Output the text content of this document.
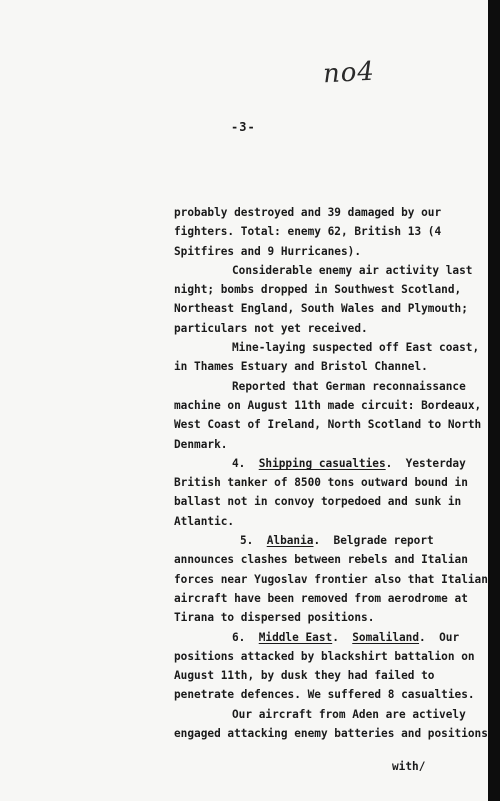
no4
-3-
probably destroyed and 39 damaged by our
fighters. Total: enemy 62, British 13 (4
Spitfires and 9 Hurricanes).
Considerable enemy air activity last
night; bombs dropped in Southwest Scotland,
Northeast England, South Wales and Plymouth;
particulars not yet received.
Mine-laying suspected off East coast,
in Thames Estuary and Bristol Channel.
Reported that German reconnaissance
machine on August 11th made circuit: Bordeaux,
West Coast of Ireland, North Scotland to North
Denmark.
4. Shipping casualties.  Yesterday
British tanker of 8500 tons outward bound in
ballast not in convoy torpedoed and sunk in
Atlantic.
5. Albania.  Belgrade report
announces clashes between rebels and Italian
forces near Yugoslav frontier also that Italian
aircraft have been removed from aerodrome at
Tirana to dispersed positions.
6. Middle East.  Somaliland.  Our
positions attacked by blackshirt battalion on
August 11th, by dusk they had failed to
penetrate defences. We suffered 8 casualties.
Our aircraft from Aden are actively
engaged attacking enemy batteries and positions
with/
